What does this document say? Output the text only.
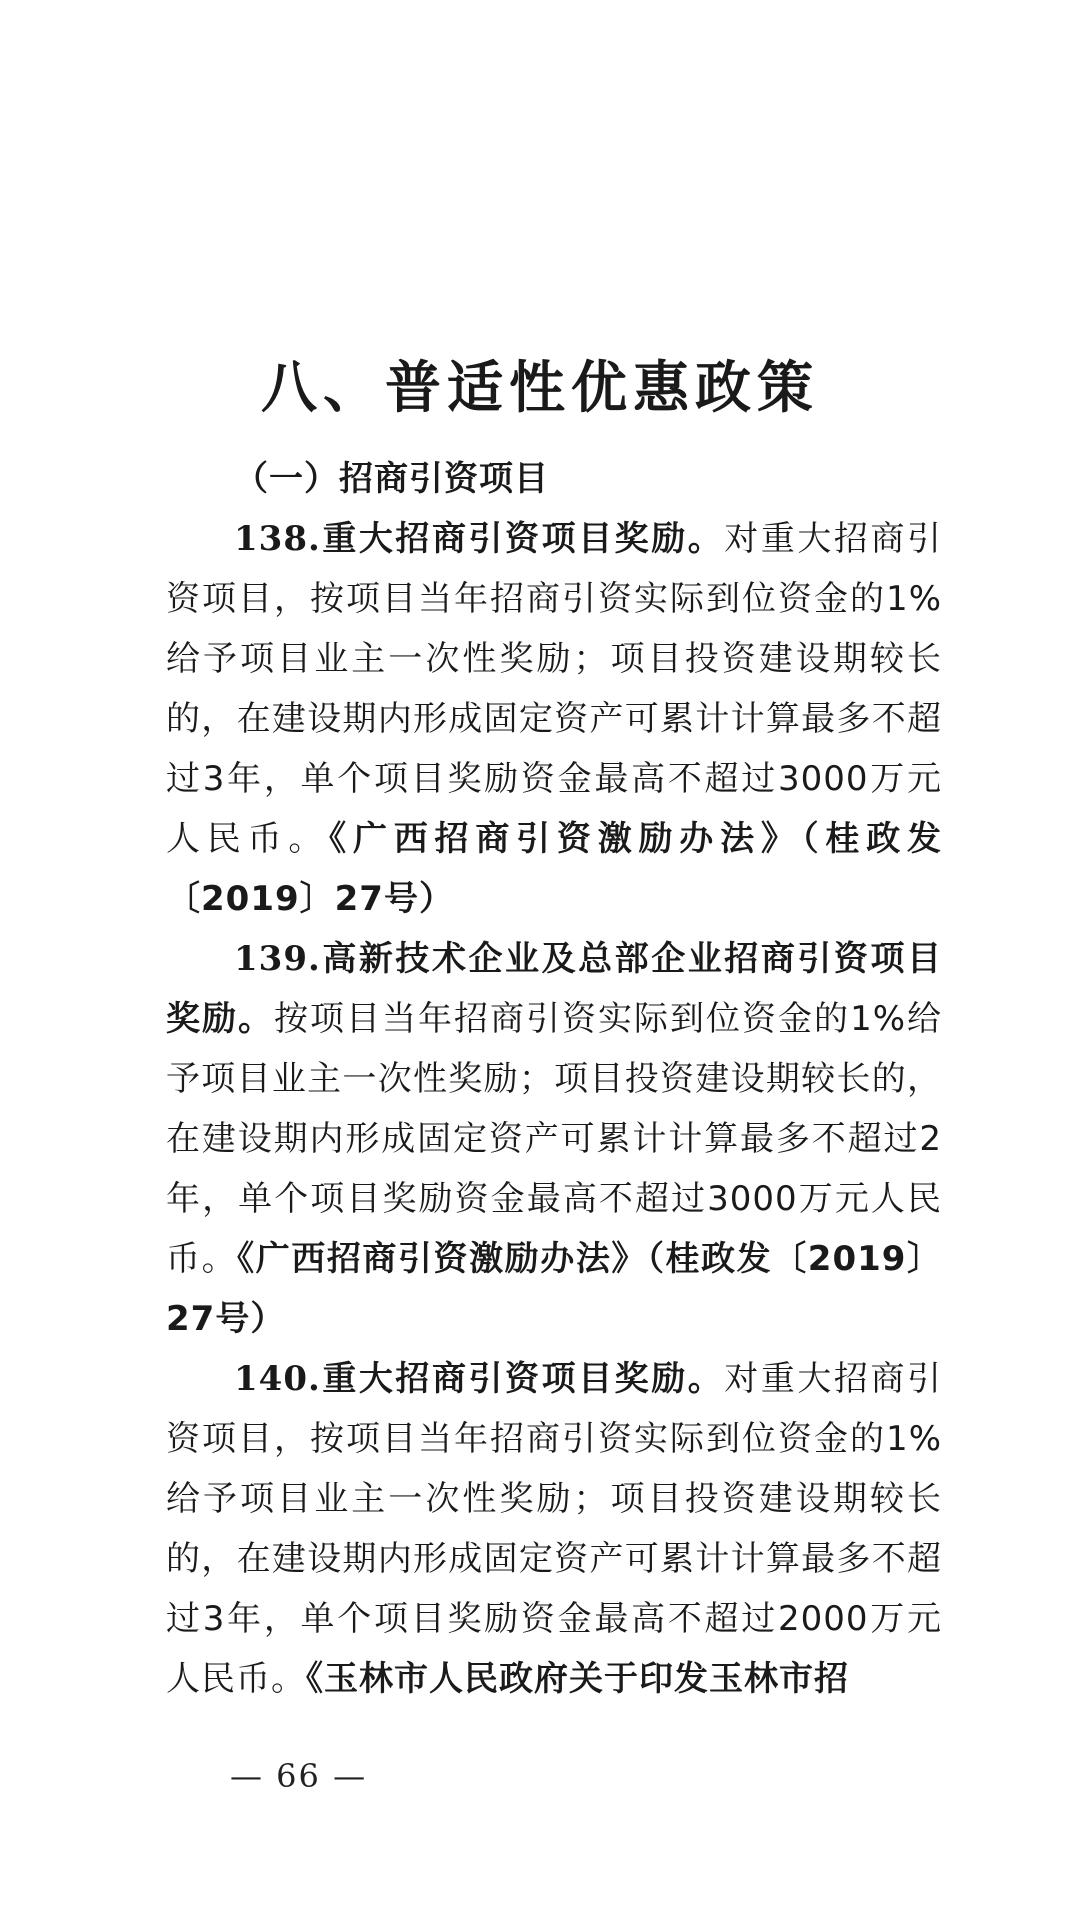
八、普适性优惠政策

（一）招商引资项目

138.重大招商引资项目奖励。对重大招商引资项目，按项目当年招商引资实际到位资金的1%给予项目业主一次性奖励；项目投资建设期较长的，在建设期内形成固定资产可累计计算最多不超过3年，单个项目奖励资金最高不超过3000万元人民币。《广西招商引资激励办法》（桂政发〔2019〕27号）

139.高新技术企业及总部企业招商引资项目奖励。按项目当年招商引资实际到位资金的1%给予项目业主一次性奖励；项目投资建设期较长的，在建设期内形成固定资产可累计计算最多不超过2年，单个项目奖励资金最高不超过3000万元人民币。《广西招商引资激励办法》（桂政发〔2019〕27号）

140.重大招商引资项目奖励。对重大招商引资项目，按项目当年招商引资实际到位资金的1%给予项目业主一次性奖励；项目投资建设期较长的，在建设期内形成固定资产可累计计算最多不超过3年，单个项目奖励资金最高不超过2000万元人民币。《玉林市人民政府关于印发玉林市招

— 66 —
